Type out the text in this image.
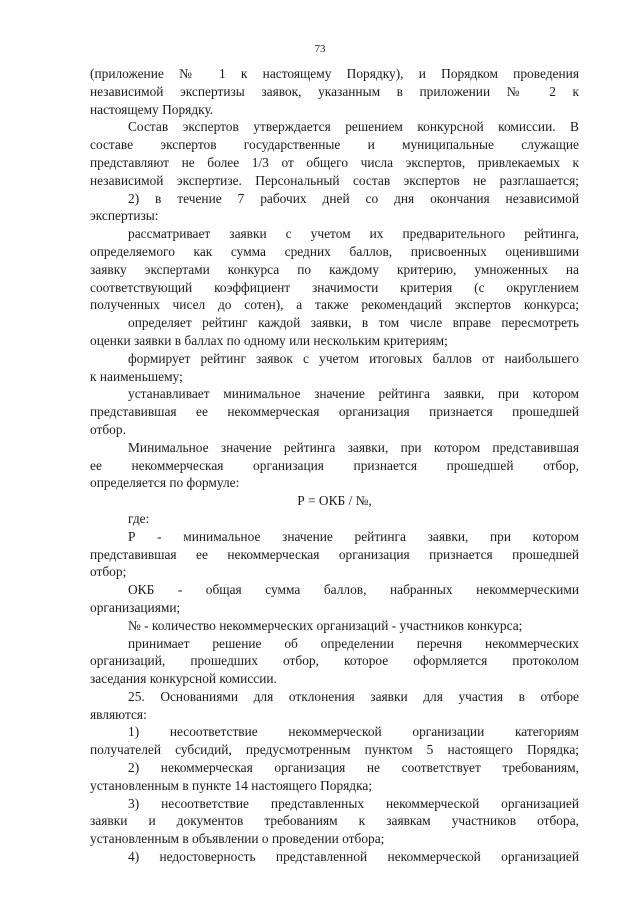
73
(приложение № 1 к настоящему Порядку), и Порядком проведения
независимой экспертизы заявок, указанным в приложении № 2 к
настоящему Порядку.
Состав экспертов утверждается решением конкурсной комиссии. В
составе экспертов государственные и муниципальные служащие
представляют не более 1/3 от общего числа экспертов, привлекаемых к
независимой экспертизе. Персональный состав экспертов не разглашается;
2) в течение 7 рабочих дней со дня окончания независимой
экспертизы:
рассматривает заявки с учетом их предварительного рейтинга,
определяемого как сумма средних баллов, присвоенных оценившими
заявку экспертами конкурса по каждому критерию, умноженных на
соответствующий коэффициент значимости критерия (с округлением
полученных чисел до сотен), а также рекомендаций экспертов конкурса;
определяет рейтинг каждой заявки, в том числе вправе пересмотреть
оценки заявки в баллах по одному или нескольким критериям;
формирует рейтинг заявок с учетом итоговых баллов от наибольшего
к наименьшему;
устанавливает минимальное значение рейтинга заявки, при котором
представившая ее некоммерческая организация признается прошедшей
отбор.
Минимальное значение рейтинга заявки, при котором представившая
ее некоммерческая организация признается прошедшей отбор,
определяется по формуле:
Р = ОКБ / №,
где:
Р - минимальное значение рейтинга заявки, при котором
представившая ее некоммерческая организация признается прошедшей
отбор;
ОКБ - общая сумма баллов, набранных некоммерческими
организациями;
№ - количество некоммерческих организаций - участников конкурса;
принимает решение об определении перечня некоммерческих
организаций, прошедших отбор, которое оформляется протоколом
заседания конкурсной комиссии.
25. Основаниями для отклонения заявки для участия в отборе
являются:
1) несоответствие некоммерческой организации категориям
получателей субсидий, предусмотренным пунктом 5 настоящего Порядка;
2) некоммерческая организация не соответствует требованиям,
установленным в пункте 14 настоящего Порядка;
3) несоответствие представленных некоммерческой организацией
заявки и документов требованиям к заявкам участников отбора,
установленным в объявлении о проведении отбора;
4) недостоверность представленной некоммерческой организацией
